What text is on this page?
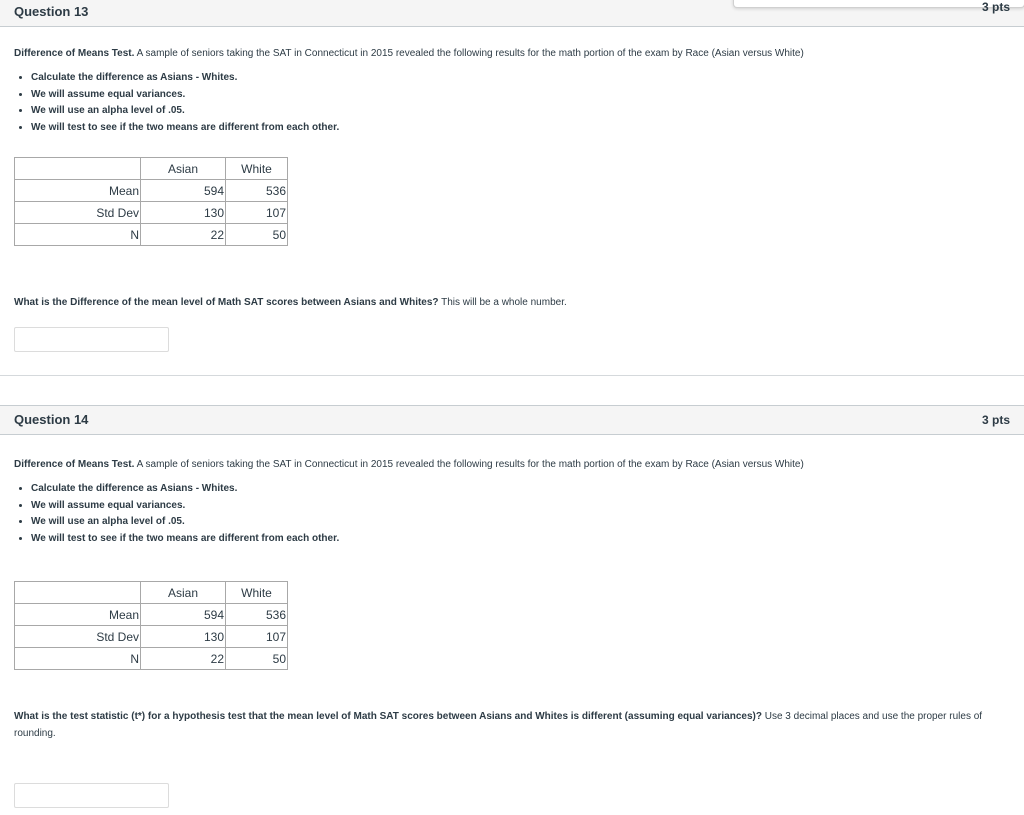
Question 13	3 pts
Difference of Means Test. A sample of seniors taking the SAT in Connecticut in 2015 revealed the following results for the math portion of the exam by Race (Asian versus White)
• Calculate the difference as Asians - Whites.
• We will assume equal variances.
• We will use an alpha level of .05.
• We will test to see if the two means are different from each other.
	Asian	White
Mean	594	536
Std Dev	130	107
N	22	50
What is the Difference of the mean level of Math SAT scores between Asians and Whites? This will be a whole number.
Question 14	3 pts
Difference of Means Test. A sample of seniors taking the SAT in Connecticut in 2015 revealed the following results for the math portion of the exam by Race (Asian versus White)
• Calculate the difference as Asians - Whites.
• We will assume equal variances.
• We will use an alpha level of .05.
• We will test to see if the two means are different from each other.
	Asian	White
Mean	594	536
Std Dev	130	107
N	22	50
What is the test statistic (t*) for a hypothesis test that the mean level of Math SAT scores between Asians and Whites is different (assuming equal variances)? Use 3 decimal places and use the proper rules of rounding.
